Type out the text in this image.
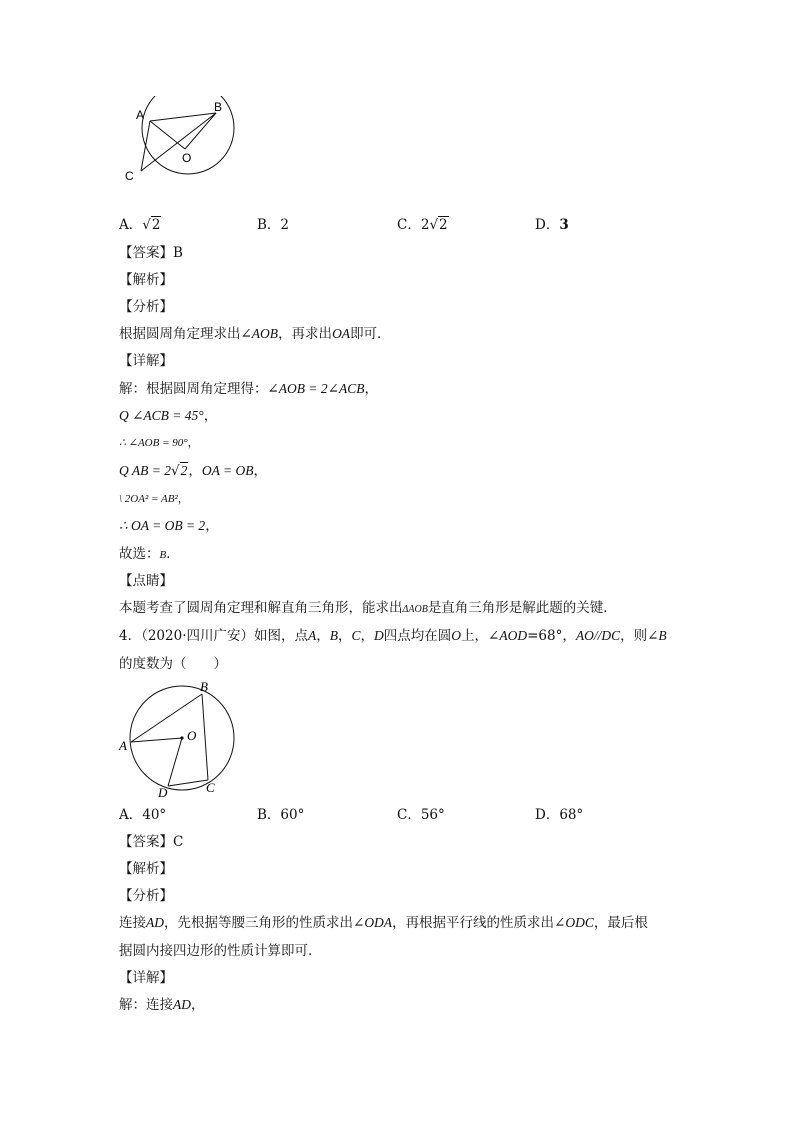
A
B
C
O
A．√2	B．2	C．2√2	D．3
【答案】B
【解析】
【分析】
根据圆周角定理求出∠AOB，再求出OA即可．
【详解】
解：根据圆周角定理得：∠AOB = 2∠ACB，
Q ∠ACB = 45°，
∴ ∠AOB = 90°，
Q AB = 2√2，OA = OB，
\ 2OA² = AB²，
∴ OA = OB = 2，
故选：B．
【点睛】
本题考查了圆周角定理和解直角三角形，能求出ΔAOB是直角三角形是解此题的关键．
4．（2020·四川广安）如图，点A，B，C，D四点均在圆O上，∠AOD=68°，AO//DC，则∠B
的度数为（　　）
A
B
C
D
O
A．40°	B．60°	C．56°	D．68°
【答案】C
【解析】
【分析】
连接AD，先根据等腰三角形的性质求出∠ODA，再根据平行线的性质求出∠ODC，最后根
据圆内接四边形的性质计算即可．
【详解】
解：连接AD，
